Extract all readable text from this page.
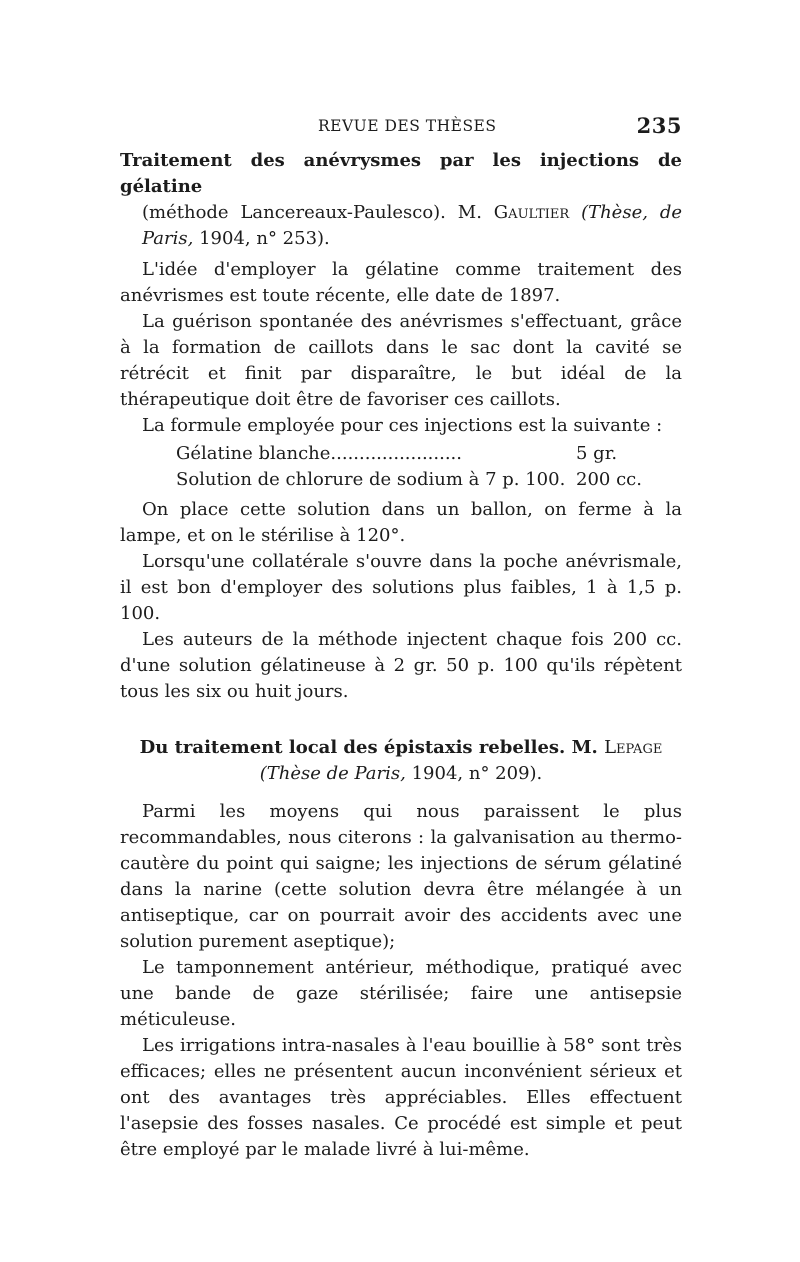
REVUE DES THÈSES	235

Traitement des anévrysmes par les injections de gélatine

(méthode Lancereaux-Paulesco). M. Gaultier (Thèse, de Paris, 1904, n° 253).

L'idée d'employer la gélatine comme traitement des anévrismes est toute récente, elle date de 1897.

La guérison spontanée des anévrismes s'effectuant, grâce à la formation de caillots dans le sac dont la cavité se rétrécit et finit par disparaître, le but idéal de la thérapeutique doit être de favoriser ces caillots.

La formule employée pour ces injections est la suivante :

Gélatine blanche.......................	5 gr.
Solution de chlorure de sodium à 7 p. 100. 200 cc.

On place cette solution dans un ballon, on ferme à la lampe, et on le stérilise à 120°.

Lorsqu'une collatérale s'ouvre dans la poche anévrismale, il est bon d'employer des solutions plus faibles, 1 à 1,5 p. 100.

Les auteurs de la méthode injectent chaque fois 200 cc. d'une solution gélatineuse à 2 gr. 50 p. 100 qu'ils répètent tous les six ou huit jours.

Du traitement local des épistaxis rebelles. M. Lepage

(Thèse de Paris, 1904, n° 209).

Parmi les moyens qui nous paraissent le plus recommandables, nous citerons : la galvanisation au thermo-cautère du point qui saigne; les injections de sérum gélatiné dans la narine (cette solution devra être mélangée à un antiseptique, car on pourrait avoir des accidents avec une solution purement aseptique);

Le tamponnement antérieur, méthodique, pratiqué avec une bande de gaze stérilisée; faire une antisepsie méticuleuse.

Les irrigations intra-nasales à l'eau bouillie à 58° sont très efficaces; elles ne présentent aucun inconvénient sérieux et ont des avantages très appréciables. Elles effectuent l'asepsie des fosses nasales. Ce procédé est simple et peut être employé par le malade livré à lui-même.
